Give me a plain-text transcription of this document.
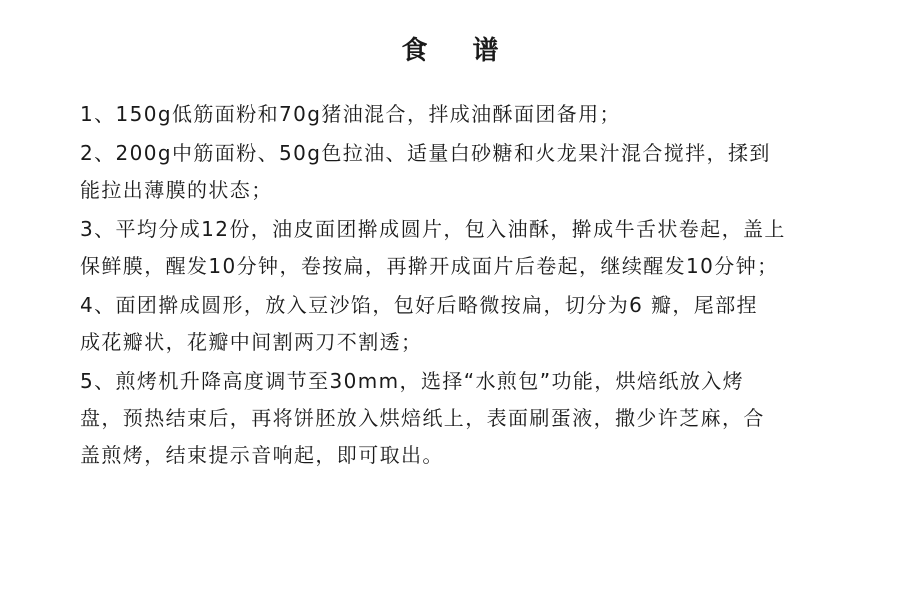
食 谱
1、150g低筋面粉和70g猪油混合，拌成油酥面团备用；
2、200g中筋面粉、50g色拉油、适量白砂糖和火龙果汁混合搅拌，揉到
能拉出薄膜的状态；
3、平均分成12份，油皮面团擀成圆片，包入油酥，擀成牛舌状卷起，盖上
保鲜膜，醒发10分钟，卷按扁，再擀开成面片后卷起，继续醒发10分钟；
4、面团擀成圆形，放入豆沙馅，包好后略微按扁，切分为6 瓣，尾部捏
成花瓣状，花瓣中间割两刀不割透；
5、煎烤机升降高度调节至30mm，选择“水煎包”功能，烘焙纸放入烤
盘，预热结束后，再将饼胚放入烘焙纸上，表面刷蛋液，撒少许芝麻，合
盖煎烤，结束提示音响起，即可取出。
